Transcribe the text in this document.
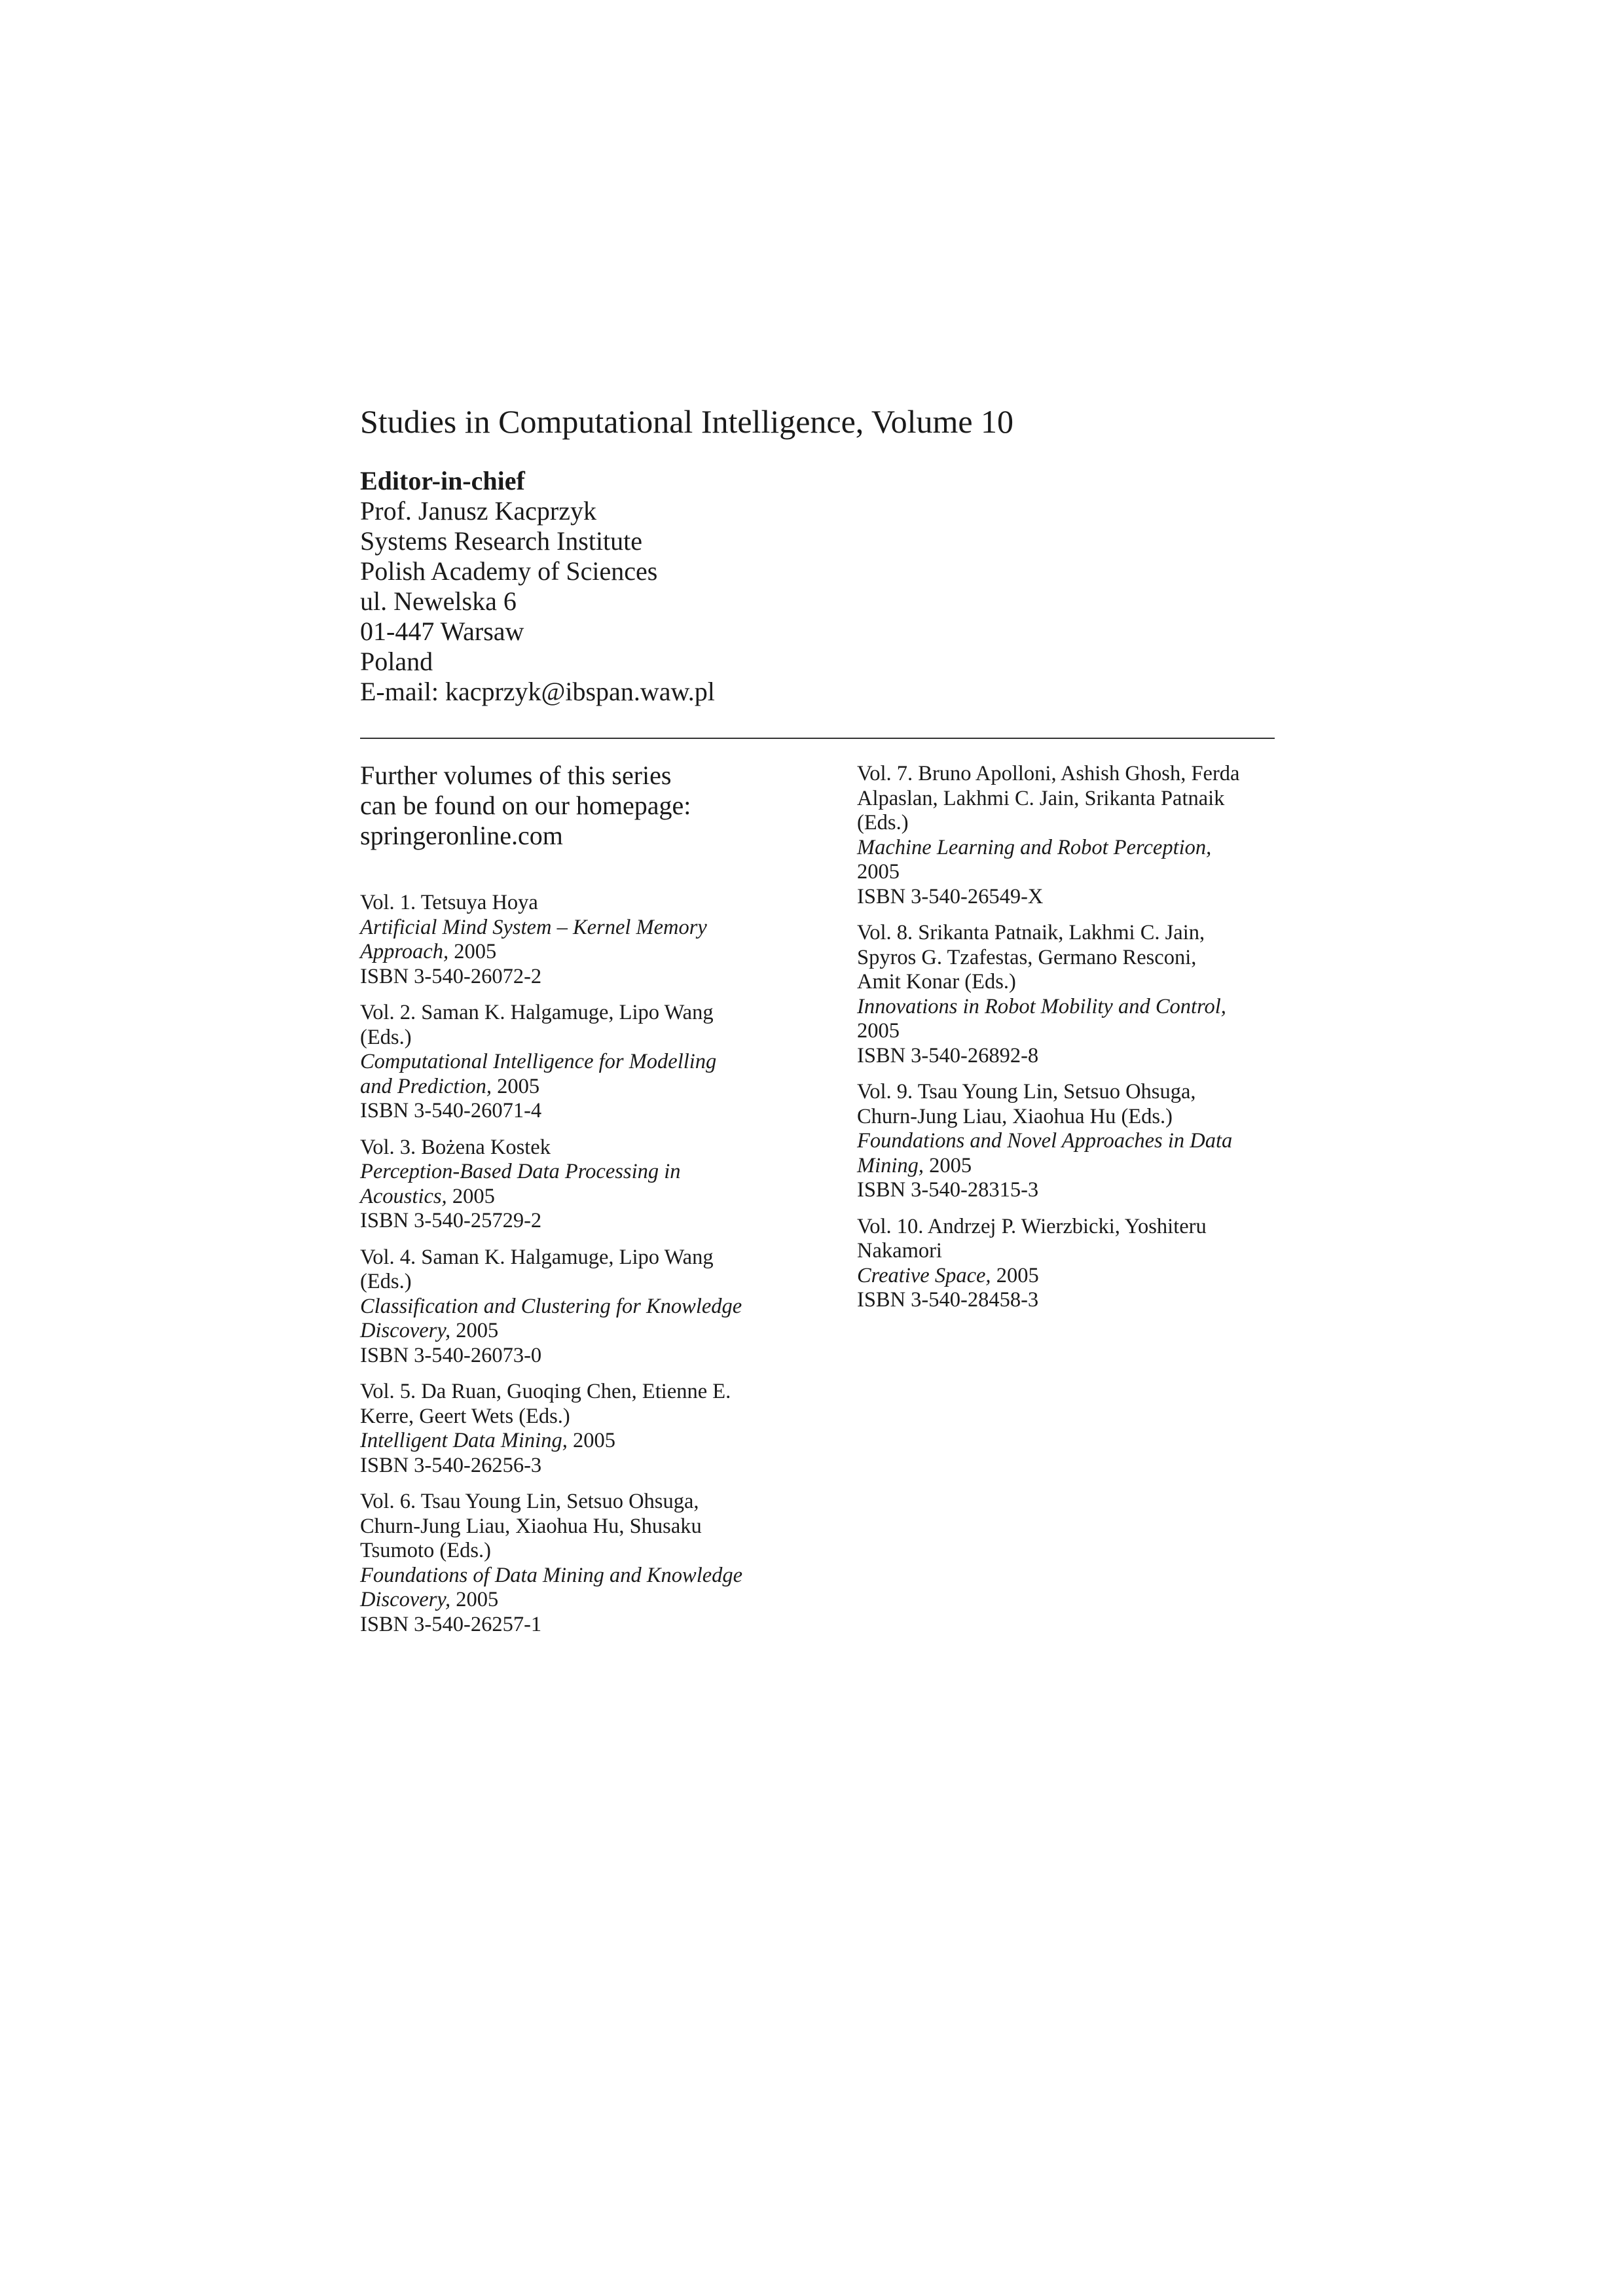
Studies in Computational Intelligence, Volume 10
Editor-in-chief
Prof. Janusz Kacprzyk
Systems Research Institute
Polish Academy of Sciences
ul. Newelska 6
01-447 Warsaw
Poland
E-mail: kacprzyk@ibspan.waw.pl
Further volumes of this series
can be found on our homepage:
springeronline.com
Vol. 1. Tetsuya Hoya
Artificial Mind System – Kernel Memory
Approach, 2005
ISBN 3-540-26072-2
Vol. 2. Saman K. Halgamuge, Lipo Wang
(Eds.)
Computational Intelligence for Modelling
and Prediction, 2005
ISBN 3-540-26071-4
Vol. 3. Bożena Kostek
Perception-Based Data Processing in
Acoustics, 2005
ISBN 3-540-25729-2
Vol. 4. Saman K. Halgamuge, Lipo Wang
(Eds.)
Classification and Clustering for Knowledge
Discovery, 2005
ISBN 3-540-26073-0
Vol. 5. Da Ruan, Guoqing Chen, Etienne E.
Kerre, Geert Wets (Eds.)
Intelligent Data Mining, 2005
ISBN 3-540-26256-3
Vol. 6. Tsau Young Lin, Setsuo Ohsuga,
Churn-Jung Liau, Xiaohua Hu, Shusaku
Tsumoto (Eds.)
Foundations of Data Mining and Knowledge
Discovery, 2005
ISBN 3-540-26257-1
Vol. 7. Bruno Apolloni, Ashish Ghosh, Ferda
Alpaslan, Lakhmi C. Jain, Srikanta Patnaik
(Eds.)
Machine Learning and Robot Perception,
2005
ISBN 3-540-26549-X
Vol. 8. Srikanta Patnaik, Lakhmi C. Jain,
Spyros G. Tzafestas, Germano Resconi,
Amit Konar (Eds.)
Innovations in Robot Mobility and Control,
2005
ISBN 3-540-26892-8
Vol. 9. Tsau Young Lin, Setsuo Ohsuga,
Churn-Jung Liau, Xiaohua Hu (Eds.)
Foundations and Novel Approaches in Data
Mining, 2005
ISBN 3-540-28315-3
Vol. 10. Andrzej P. Wierzbicki, Yoshiteru
Nakamori
Creative Space, 2005
ISBN 3-540-28458-3
